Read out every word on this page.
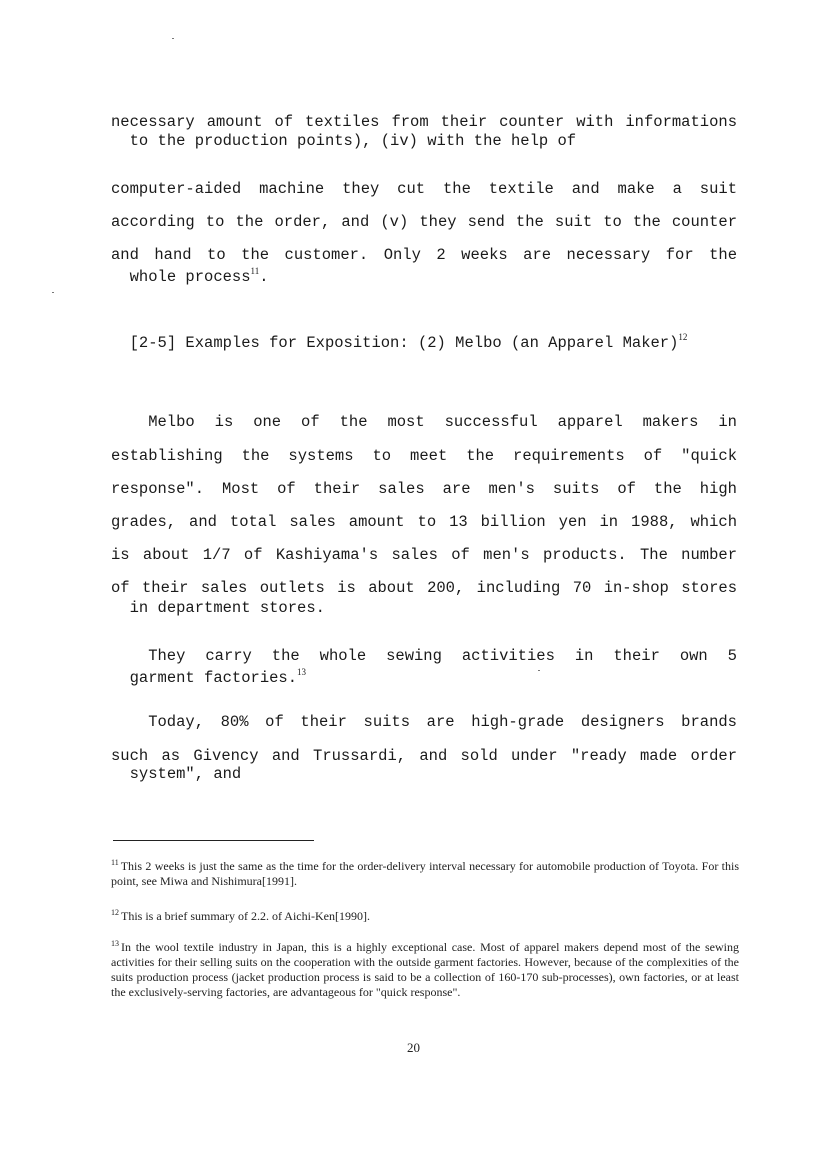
necessary amount of textiles from their counter with informations

to the production points), (iv) with the help of

computer-aided machine they cut the textile and make a suit

according to the order, and (v) they send the suit to the counter

and hand to the customer. Only 2 weeks are necessary for the

whole process$^{11}$.

[2-5] Examples for Exposition: (2) Melbo (an Apparel Maker)$^{12}$

Melbo is one of the most successful apparel makers in

establishing the systems to meet the requirements of "quick

response". Most of their sales are men's suits of the high

grades, and total sales amount to 13 billion yen in 1988, which

is about 1/7 of Kashiyama's sales of men's products. The number

of their sales outlets is about 200, including 70 in-shop stores

in department stores.

They carry the whole sewing activities in their own 5

garment factories.$^{13}$

Today, 80% of their suits are high-grade designers brands

such as Givency and Trussardi, and sold under "ready made order

system", and

$^{11}$ This 2 weeks is just the same as the time for the order-delivery interval necessary for automobile production of Toyota. For this point, see Miwa and Nishimura[1991].
$^{12}$ This is a brief summary of 2.2. of Aichi-Ken[1990].
$^{13}$ In the wool textile industry in Japan, this is a highly exceptional case. Most of apparel makers depend most of the sewing activities for their selling suits on the cooperation with the outside garment factories. However, because of the complexities of the suits production process (jacket production process is said to be a collection of 160-170 sub-processes), own factories, or at least the exclusively-serving factories, are advantageous for "quick response".
20
